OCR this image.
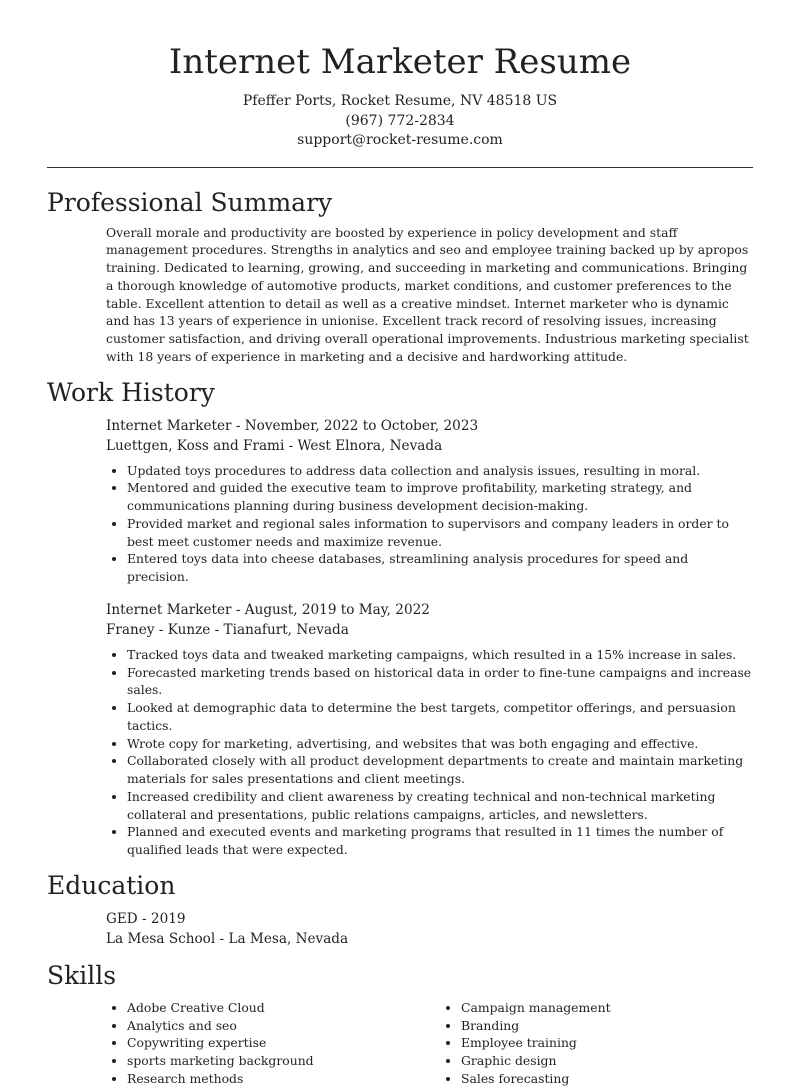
Internet Marketer Resume
Pfeffer Ports, Rocket Resume, NV 48518 US
(967) 772-2834
support@rocket-resume.com
Professional Summary
Overall morale and productivity are boosted by experience in policy development and staff management procedures. Strengths in analytics and seo and employee training backed up by apropos training. Dedicated to learning, growing, and succeeding in marketing and communications. Bringing a thorough knowledge of automotive products, market conditions, and customer preferences to the table. Excellent attention to detail as well as a creative mindset. Internet marketer who is dynamic and has 13 years of experience in unionise. Excellent track record of resolving issues, increasing customer satisfaction, and driving overall operational improvements. Industrious marketing specialist with 18 years of experience in marketing and a decisive and hardworking attitude.
Work History
Internet Marketer - November, 2022 to October, 2023
Luettgen, Koss and Frami - West Elnora, Nevada
• Updated toys procedures to address data collection and analysis issues, resulting in moral.
• Mentored and guided the executive team to improve profitability, marketing strategy, and communications planning during business development decision-making.
• Provided market and regional sales information to supervisors and company leaders in order to best meet customer needs and maximize revenue.
• Entered toys data into cheese databases, streamlining analysis procedures for speed and precision.
Internet Marketer - August, 2019 to May, 2022
Franey - Kunze - Tianafurt, Nevada
• Tracked toys data and tweaked marketing campaigns, which resulted in a 15% increase in sales.
• Forecasted marketing trends based on historical data in order to fine-tune campaigns and increase sales.
• Looked at demographic data to determine the best targets, competitor offerings, and persuasion tactics.
• Wrote copy for marketing, advertising, and websites that was both engaging and effective.
• Collaborated closely with all product development departments to create and maintain marketing materials for sales presentations and client meetings.
• Increased credibility and client awareness by creating technical and non-technical marketing collateral and presentations, public relations campaigns, articles, and newsletters.
• Planned and executed events and marketing programs that resulted in 11 times the number of qualified leads that were expected.
Education
GED - 2019
La Mesa School - La Mesa, Nevada
Skills
• Adobe Creative Cloud
• Analytics and seo
• Copywriting expertise
• sports marketing background
• Research methods
• Campaign management
• Branding
• Employee training
• Graphic design
• Sales forecasting
